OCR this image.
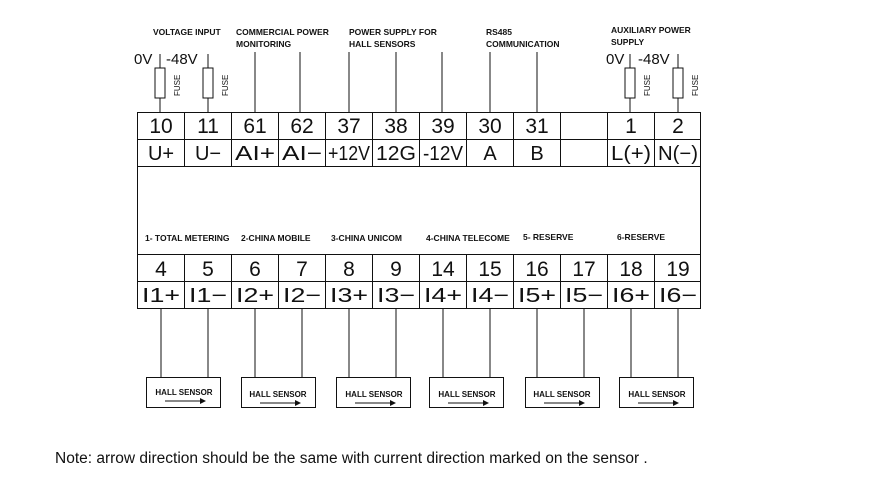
VOLTAGE INPUT COMMERCIAL POWER
MONITORING
POWER SUPPLY FOR
HALL SENSORS
RS485
COMMUNICATION
AUXILIARY POWER
SUPPLY
0V -48V	0V -48V
FUSE	FUSE	FUSE	FUSE
10 11 61 62 37 38 39 30 31	1 2
U+ U− AI+ AI− +12V 12G -12V A B	L(+) N(−)
1- TOTAL METERING 2-CHINA MOBILE 3-CHINA UNICOM	4-CHINA TELECOME 5- RESERVE	6-RESERVE
4 5 6 7 8 9 14 15 16 17 18 19
I1+ I1− I2+ I2− I3+ I3− I4+ I4− I5+ I5− I6+ I6−
HALL SENSOR	HALL SENSOR	HALL SENSOR	HALL SENSOR	HALL SENSOR	HALL SENSOR
Note: arrow direction should be the same with current direction marked on the sensor .
